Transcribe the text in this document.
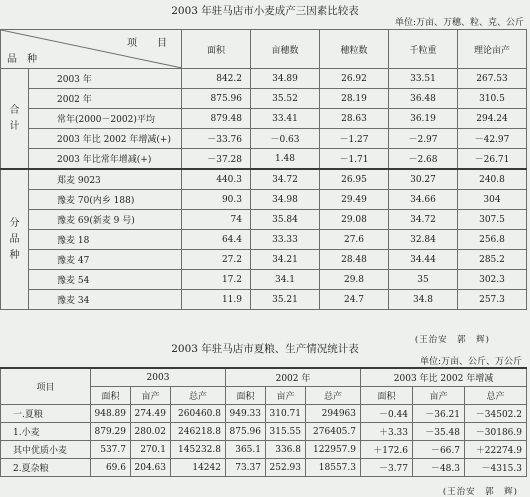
2003 年驻马店市小麦成产三因素比较表
单位:万亩、万穗、粒、克、公斤
项　　目
品　种		面积	亩穗数	穗粒数	千粒重	理论亩产
合
计	2003 年	842.2	34.89	26.92	33.51	267.53
	2002 年	875.96	35.52	28.19	36.48	310.5
	常年(2000－2002)平均	879.48	33.41	28.63	36.19	294.24
	2003 年比 2002 年增减(+)	－33.76	－0.63	－1.27	－2.97	－42.97
	2003 年比常年增减(+)	－37.28	1.48	－1.71	－2.68	－26.71
分
品
种	郑麦 9023	440.3	34.72	26.95	30.27	240.8
	豫麦 70(内乡 188)	90.3	34.98	29.49	34.66	304
	豫麦 69(新麦 9 号)	74	35.84	29.08	34.72	307.5
	豫麦 18	64.4	33.33	27.6	32.84	256.8
	豫麦 47	27.2	34.21	28.48	34.44	285.2
	豫麦 54	17.2	34.1	29.8	35	302.3
	豫麦 34	11.9	35.21	24.7	34.8	257.3
(王治安　郭　辉)
2003 年驻马店市夏粮、生产情况统计表
单位:万亩、公斤、万公斤
项目	2003			2002 年			2003 年比 2002 年增减		
	面积	亩产	总产	面积	亩产	总产	面积	亩产	总产
一.夏粮	948.89	274.49	260460.8	949.33	310.71	294963	－0.44	－36.21	－34502.2
1.小麦	879.29	280.02	246218.8	875.96	315.55	276405.7	＋3.33	－35.48	－30186.9
其中优质小麦	537.7	270.1	145232.8	365.1	336.8	122957.9	＋172.6	－66.7	＋22274.9
2.夏杂粮	69.6	204.63	14242	73.37	252.93	18557.3	－3.77	－48.3	－4315.3
(王治安　郭　辉)
